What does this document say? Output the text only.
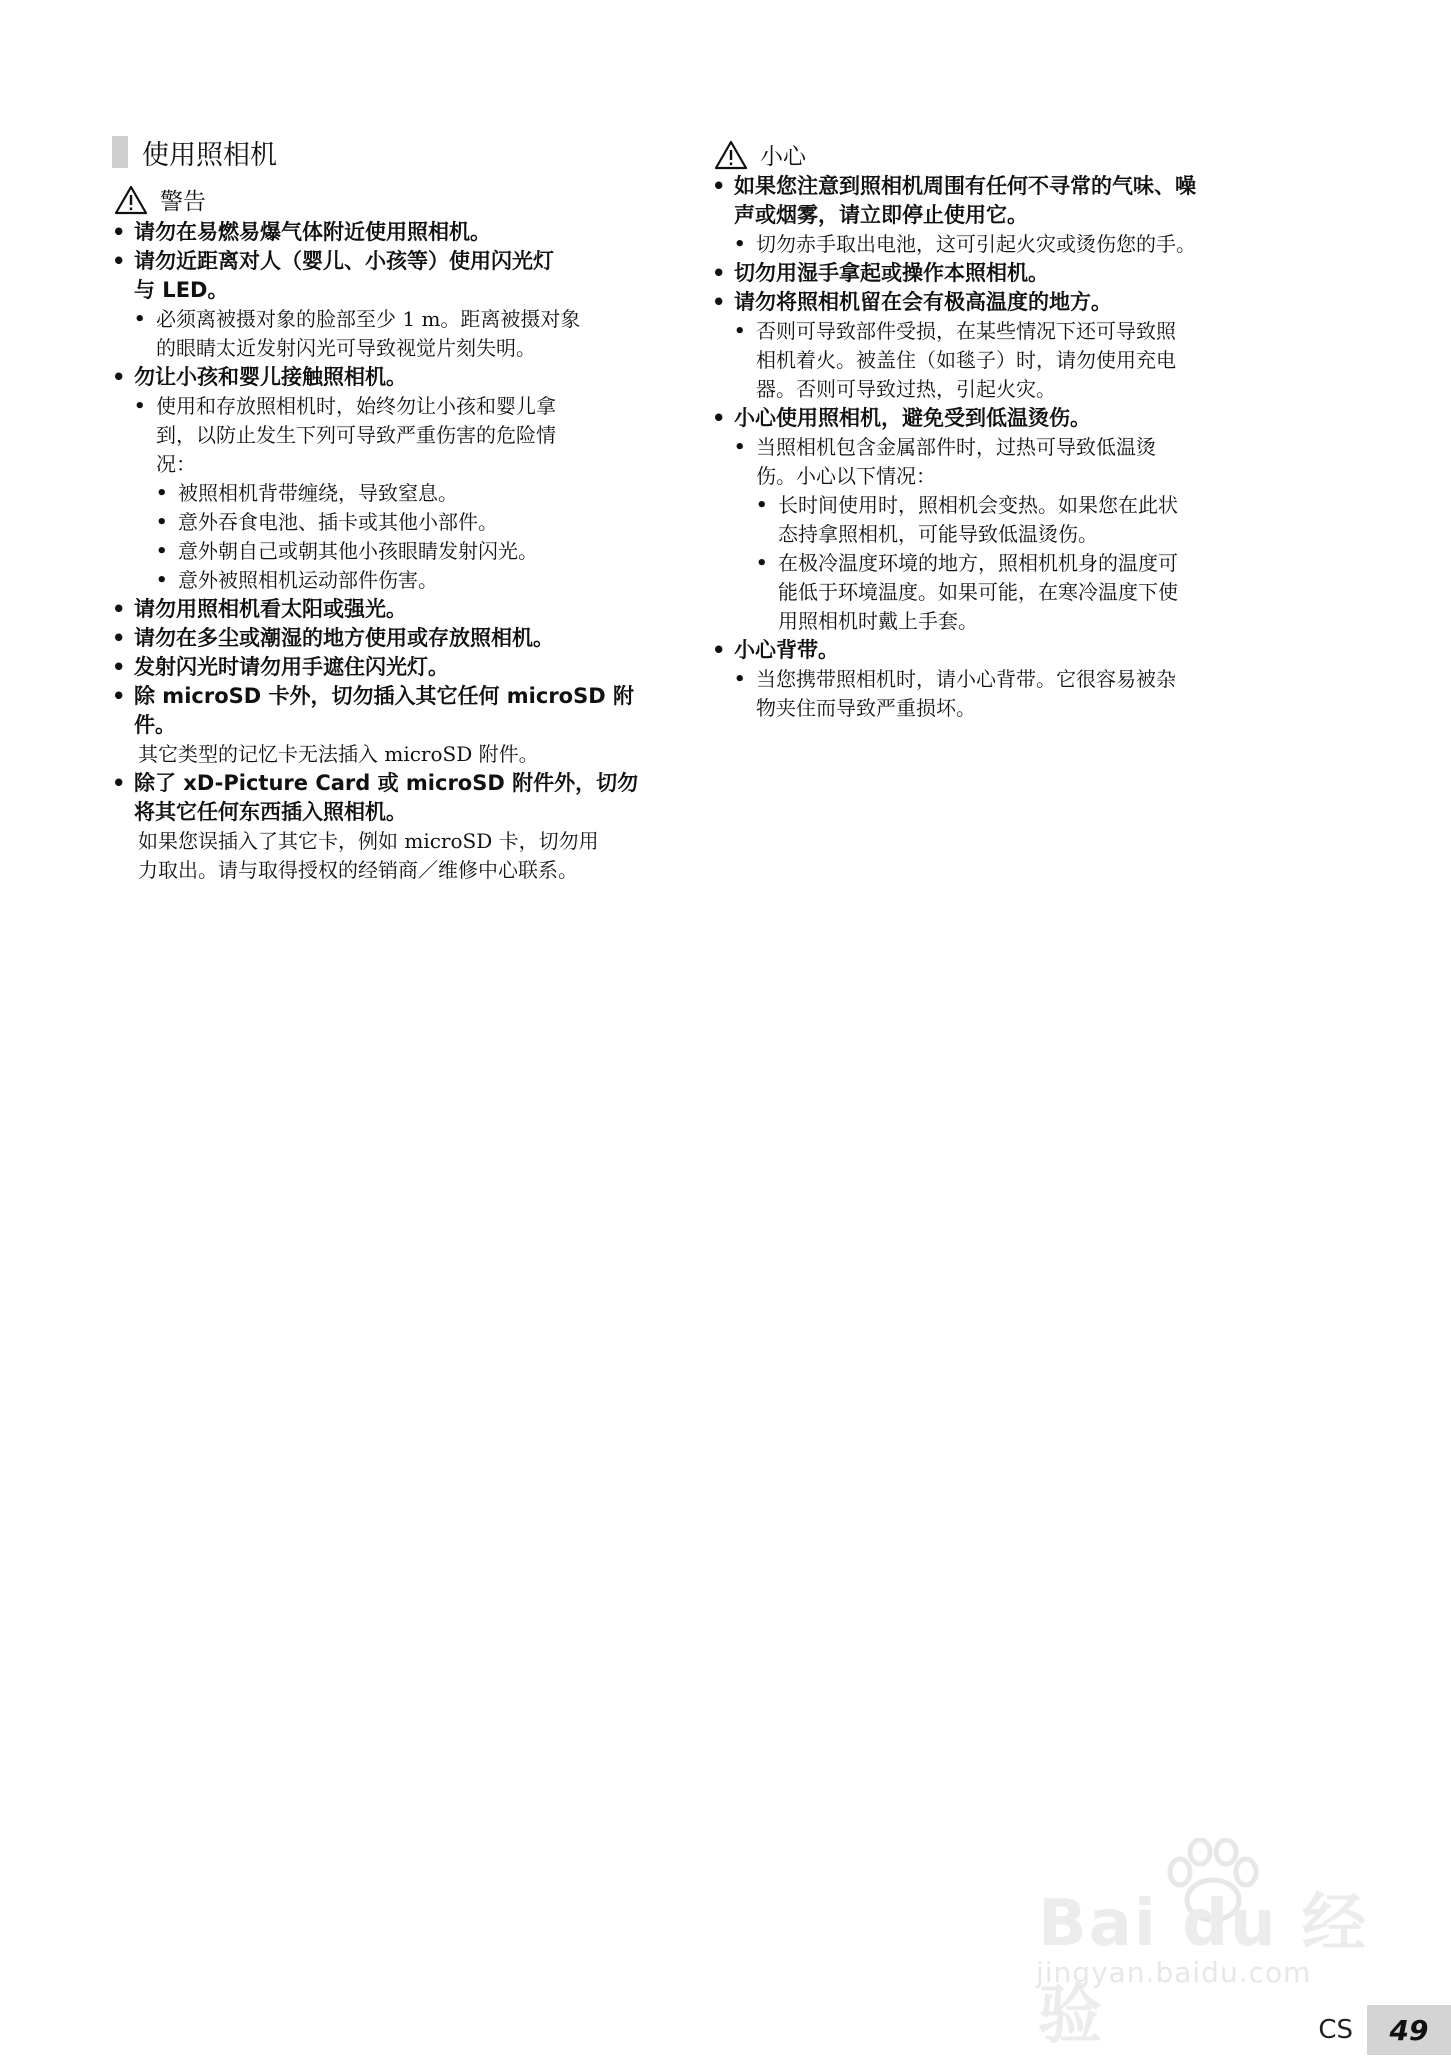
使用照相机
警告
• 请勿在易燃易爆气体附近使用照相机。
• 请勿近距离对人（婴儿、小孩等）使用闪光灯
与 LED。
• 必须离被摄对象的脸部至少 1 m。距离被摄对象
的眼睛太近发射闪光可导致视觉片刻失明。
• 勿让小孩和婴儿接触照相机。
• 使用和存放照相机时，始终勿让小孩和婴儿拿
到，以防止发生下列可导致严重伤害的危险情
况：
• 被照相机背带缠绕，导致窒息。
• 意外吞食电池、插卡或其他小部件。
• 意外朝自己或朝其他小孩眼睛发射闪光。
• 意外被照相机运动部件伤害。
• 请勿用照相机看太阳或强光。
• 请勿在多尘或潮湿的地方使用或存放照相机。
• 发射闪光时请勿用手遮住闪光灯。
• 除 microSD 卡外，切勿插入其它任何 microSD 附
件。
其它类型的记忆卡无法插入 microSD 附件。
• 除了 xD-Picture Card 或 microSD 附件外，切勿
将其它任何东西插入照相机。
如果您误插入了其它卡，例如 microSD 卡，切勿用
力取出。请与取得授权的经销商／维修中心联系。
小心
• 如果您注意到照相机周围有任何不寻常的气味、噪
声或烟雾，请立即停止使用它。
• 切勿赤手取出电池，这可引起火灾或烫伤您的手。
• 切勿用湿手拿起或操作本照相机。
• 请勿将照相机留在会有极高温度的地方。
• 否则可导致部件受损，在某些情况下还可导致照
相机着火。被盖住（如毯子）时，请勿使用充电
器。否则可导致过热，引起火灾。
• 小心使用照相机，避免受到低温烫伤。
• 当照相机包含金属部件时，过热可导致低温烫
伤。小心以下情况：
• 长时间使用时，照相机会变热。如果您在此状
态持拿照相机，可能导致低温烫伤。
• 在极冷温度环境的地方，照相机机身的温度可
能低于环境温度。如果可能，在寒冷温度下使
用照相机时戴上手套。
• 小心背带。
• 当您携带照相机时，请小心背带。它很容易被杂
物夹住而导致严重损坏。
Bai du 经验
jingyan.baidu.com
CS	49
